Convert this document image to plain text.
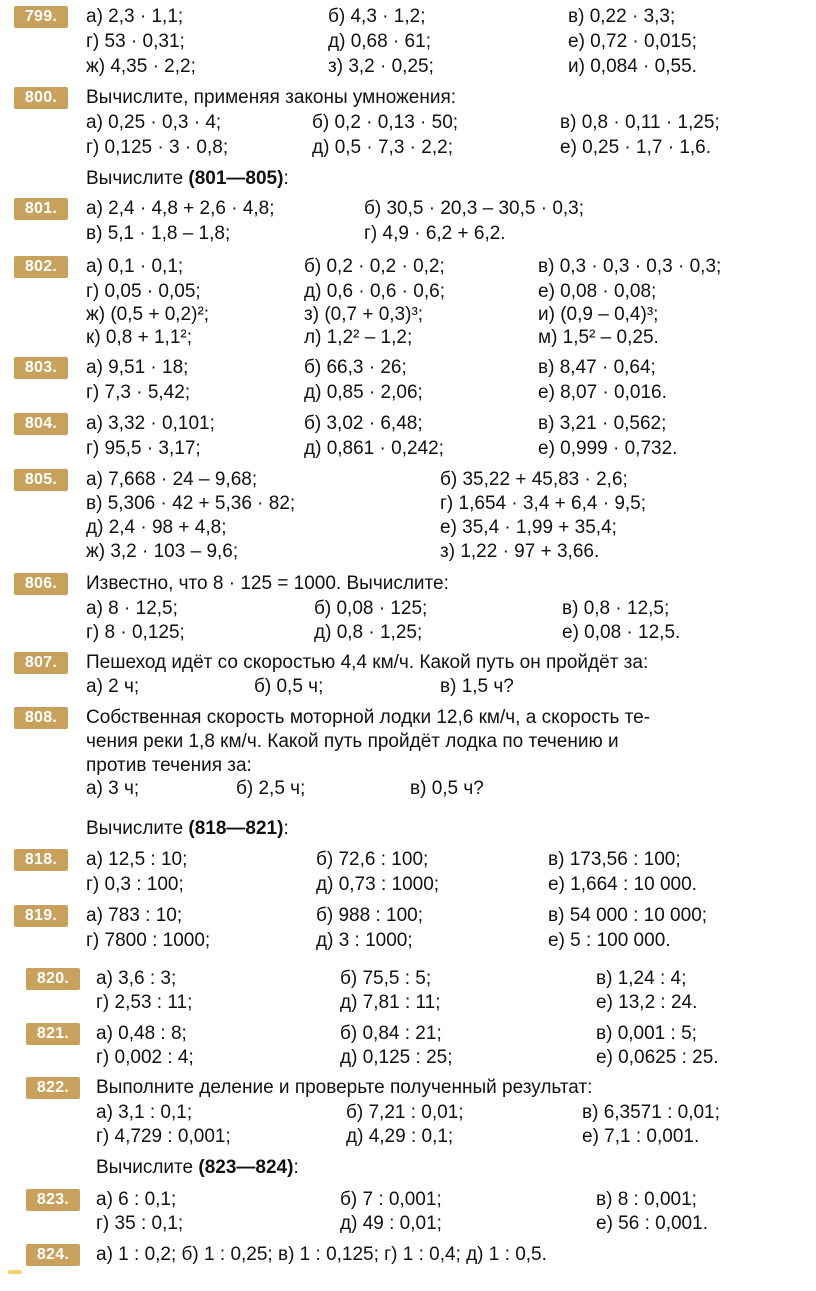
799.	а) 2,3 · 1,1;	б) 4,3 · 1,2;	в) 0,22 · 3,3;
г) 53 · 0,31;	д) 0,68 · 61;	е) 0,72 · 0,015;
ж) 4,35 · 2,2;	з) 3,2 · 0,25;	и) 0,084 · 0,55.
800.	Вычислите, применяя законы умножения:
а) 0,25 · 0,3 · 4;	б) 0,2 · 0,13 · 50;	в) 0,8 · 0,11 · 1,25;
г) 0,125 · 3 · 0,8;	д) 0,5 · 7,3 · 2,2;	е) 0,25 · 1,7 · 1,6.
Вычислите (801—805):
801.	а) 2,4 · 4,8 + 2,6 · 4,8;	б) 30,5 · 20,3 – 30,5 · 0,3;
в) 5,1 · 1,8 – 1,8;	г) 4,9 · 6,2 + 6,2.
802.	а) 0,1 · 0,1;	б) 0,2 · 0,2 · 0,2;	в) 0,3 · 0,3 · 0,3 · 0,3;
г) 0,05 · 0,05;	д) 0,6 · 0,6 · 0,6;	е) 0,08 · 0,08;
ж) (0,5 + 0,2)²;	з) (0,7 + 0,3)³;	и) (0,9 – 0,4)³;
к) 0,8 + 1,1²;	л) 1,2² – 1,2;	м) 1,5² – 0,25.
803.	а) 9,51 · 18;	б) 66,3 · 26;	в) 8,47 · 0,64;
г) 7,3 · 5,42;	д) 0,85 · 2,06;	е) 8,07 · 0,016.
804.	а) 3,32 · 0,101;	б) 3,02 · 6,48;	в) 3,21 · 0,562;
г) 95,5 · 3,17;	д) 0,861 · 0,242;	е) 0,999 · 0,732.
805.	а) 7,668 · 24 – 9,68;	б) 35,22 + 45,83 · 2,6;
в) 5,306 · 42 + 5,36 · 82;	г) 1,654 · 3,4 + 6,4 · 9,5;
д) 2,4 · 98 + 4,8;	е) 35,4 · 1,99 + 35,4;
ж) 3,2 · 103 – 9,6;	з) 1,22 · 97 + 3,66.
806.	Известно, что 8 · 125 = 1000. Вычислите:
а) 8 · 12,5;	б) 0,08 · 125;	в) 0,8 · 12,5;
г) 8 · 0,125;	д) 0,8 · 1,25;	е) 0,08 · 12,5.
807.	Пешеход идёт со скоростью 4,4 км/ч. Какой путь он пройдёт за:
а) 2 ч;	б) 0,5 ч;	в) 1,5 ч?
808.	Собственная скорость моторной лодки 12,6 км/ч, а скорость те-
чения реки 1,8 км/ч. Какой путь пройдёт лодка по течению и
против течения за:
а) 3 ч;	б) 2,5 ч;	в) 0,5 ч?
Вычислите (818—821):
818.	а) 12,5 : 10;	б) 72,6 : 100;	в) 173,56 : 100;
г) 0,3 : 100;	д) 0,73 : 1000;	е) 1,664 : 10 000.
819.	а) 783 : 10;	б) 988 : 100;	в) 54 000 : 10 000;
г) 7800 : 1000;	д) 3 : 1000;	е) 5 : 100 000.
820.	а) 3,6 : 3;	б) 75,5 : 5;	в) 1,24 : 4;
г) 2,53 : 11;	д) 7,81 : 11;	е) 13,2 : 24.
821.	а) 0,48 : 8;	б) 0,84 : 21;	в) 0,001 : 5;
г) 0,002 : 4;	д) 0,125 : 25;	е) 0,0625 : 25.
822.	Выполните деление и проверьте полученный результат:
а) 3,1 : 0,1;	б) 7,21 : 0,01;	в) 6,3571 : 0,01;
г) 4,729 : 0,001;	д) 4,29 : 0,1;	е) 7,1 : 0,001.
Вычислите (823—824):
823.	а) 6 : 0,1;	б) 7 : 0,001;	в) 8 : 0,001;
г) 35 : 0,1;	д) 49 : 0,01;	е) 56 : 0,001.
824.	а) 1 : 0,2; б) 1 : 0,25; в) 1 : 0,125; г) 1 : 0,4; д) 1 : 0,5.
